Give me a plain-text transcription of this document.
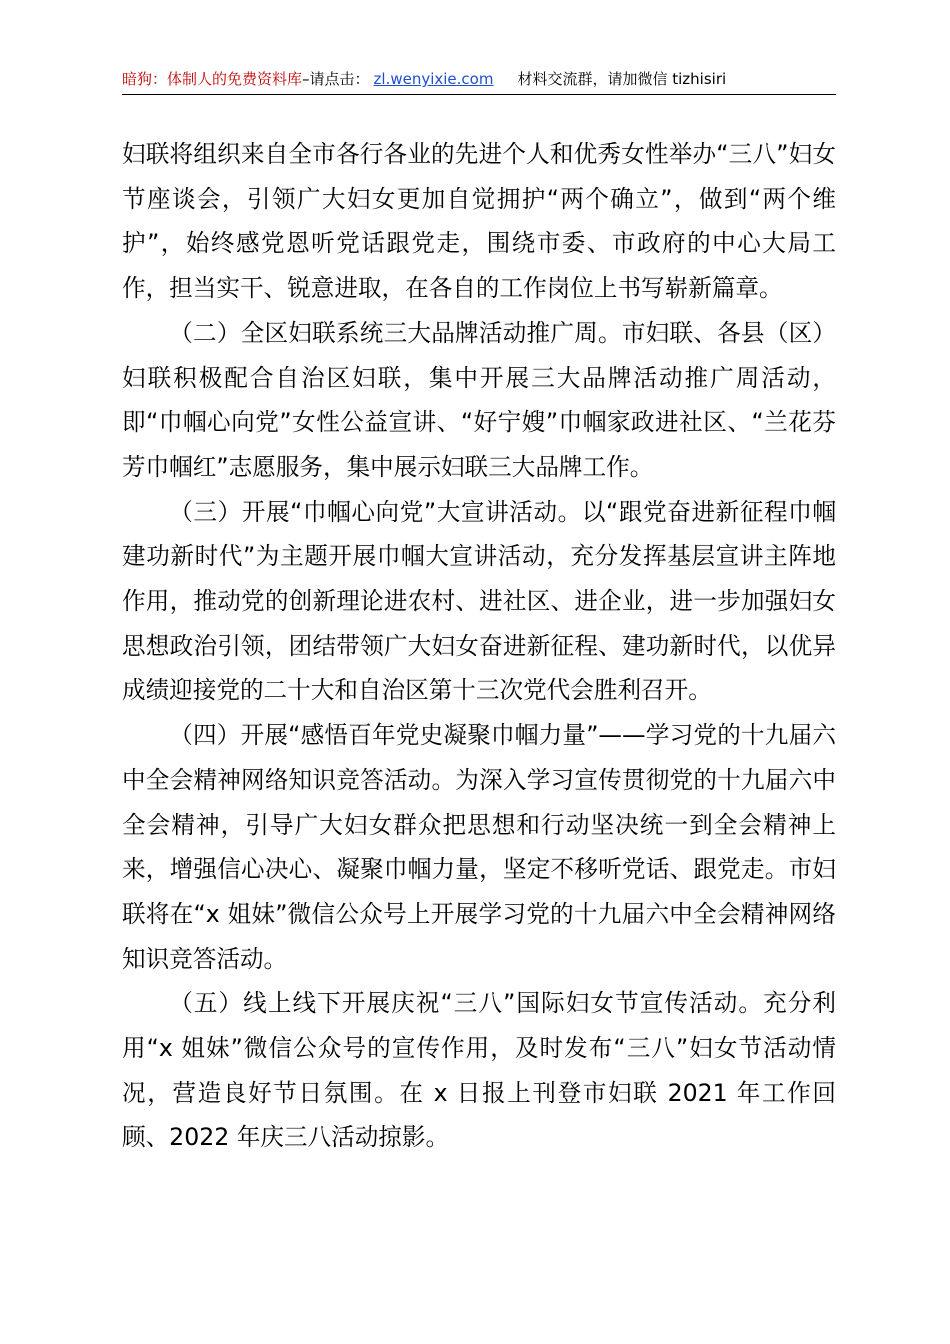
暗狗：体制人的免费资料库–请点击： zl.wenyixie.com 材料交流群，请加微信 tizhisiri

妇联将组织来自全市各行各业的先进个人和优秀女性举办“三八”妇女节座谈会，引领广大妇女更加自觉拥护“两个确立”，做到“两个维护”，始终感党恩听党话跟党走，围绕市委、市政府的中心大局工作，担当实干、锐意进取，在各自的工作岗位上书写崭新篇章。

（二）全区妇联系统三大品牌活动推广周。市妇联、各县（区）妇联积极配合自治区妇联，集中开展三大品牌活动推广周活动，即“巾帼心向党”女性公益宣讲、“好宁嫂”巾帼家政进社区、“兰花芬芳巾帼红”志愿服务，集中展示妇联三大品牌工作。

（三）开展“巾帼心向党”大宣讲活动。以“跟党奋进新征程巾帼建功新时代”为主题开展巾帼大宣讲活动，充分发挥基层宣讲主阵地作用，推动党的创新理论进农村、进社区、进企业，进一步加强妇女思想政治引领，团结带领广大妇女奋进新征程、建功新时代，以优异成绩迎接党的二十大和自治区第十三次党代会胜利召开。

（四）开展“感悟百年党史凝聚巾帼力量”——学习党的十九届六中全会精神网络知识竞答活动。为深入学习宣传贯彻党的十九届六中全会精神，引导广大妇女群众把思想和行动坚决统一到全会精神上来，增强信心决心、凝聚巾帼力量，坚定不移听党话、跟党走。市妇联将在“x 姐妹”微信公众号上开展学习党的十九届六中全会精神网络知识竞答活动。

（五）线上线下开展庆祝“三八”国际妇女节宣传活动。充分利用“x 姐妹”微信公众号的宣传作用，及时发布“三八”妇女节活动情况，营造良好节日氛围。在 x 日报上刊登市妇联 2021 年工作回顾、2022 年庆三八活动掠影。
